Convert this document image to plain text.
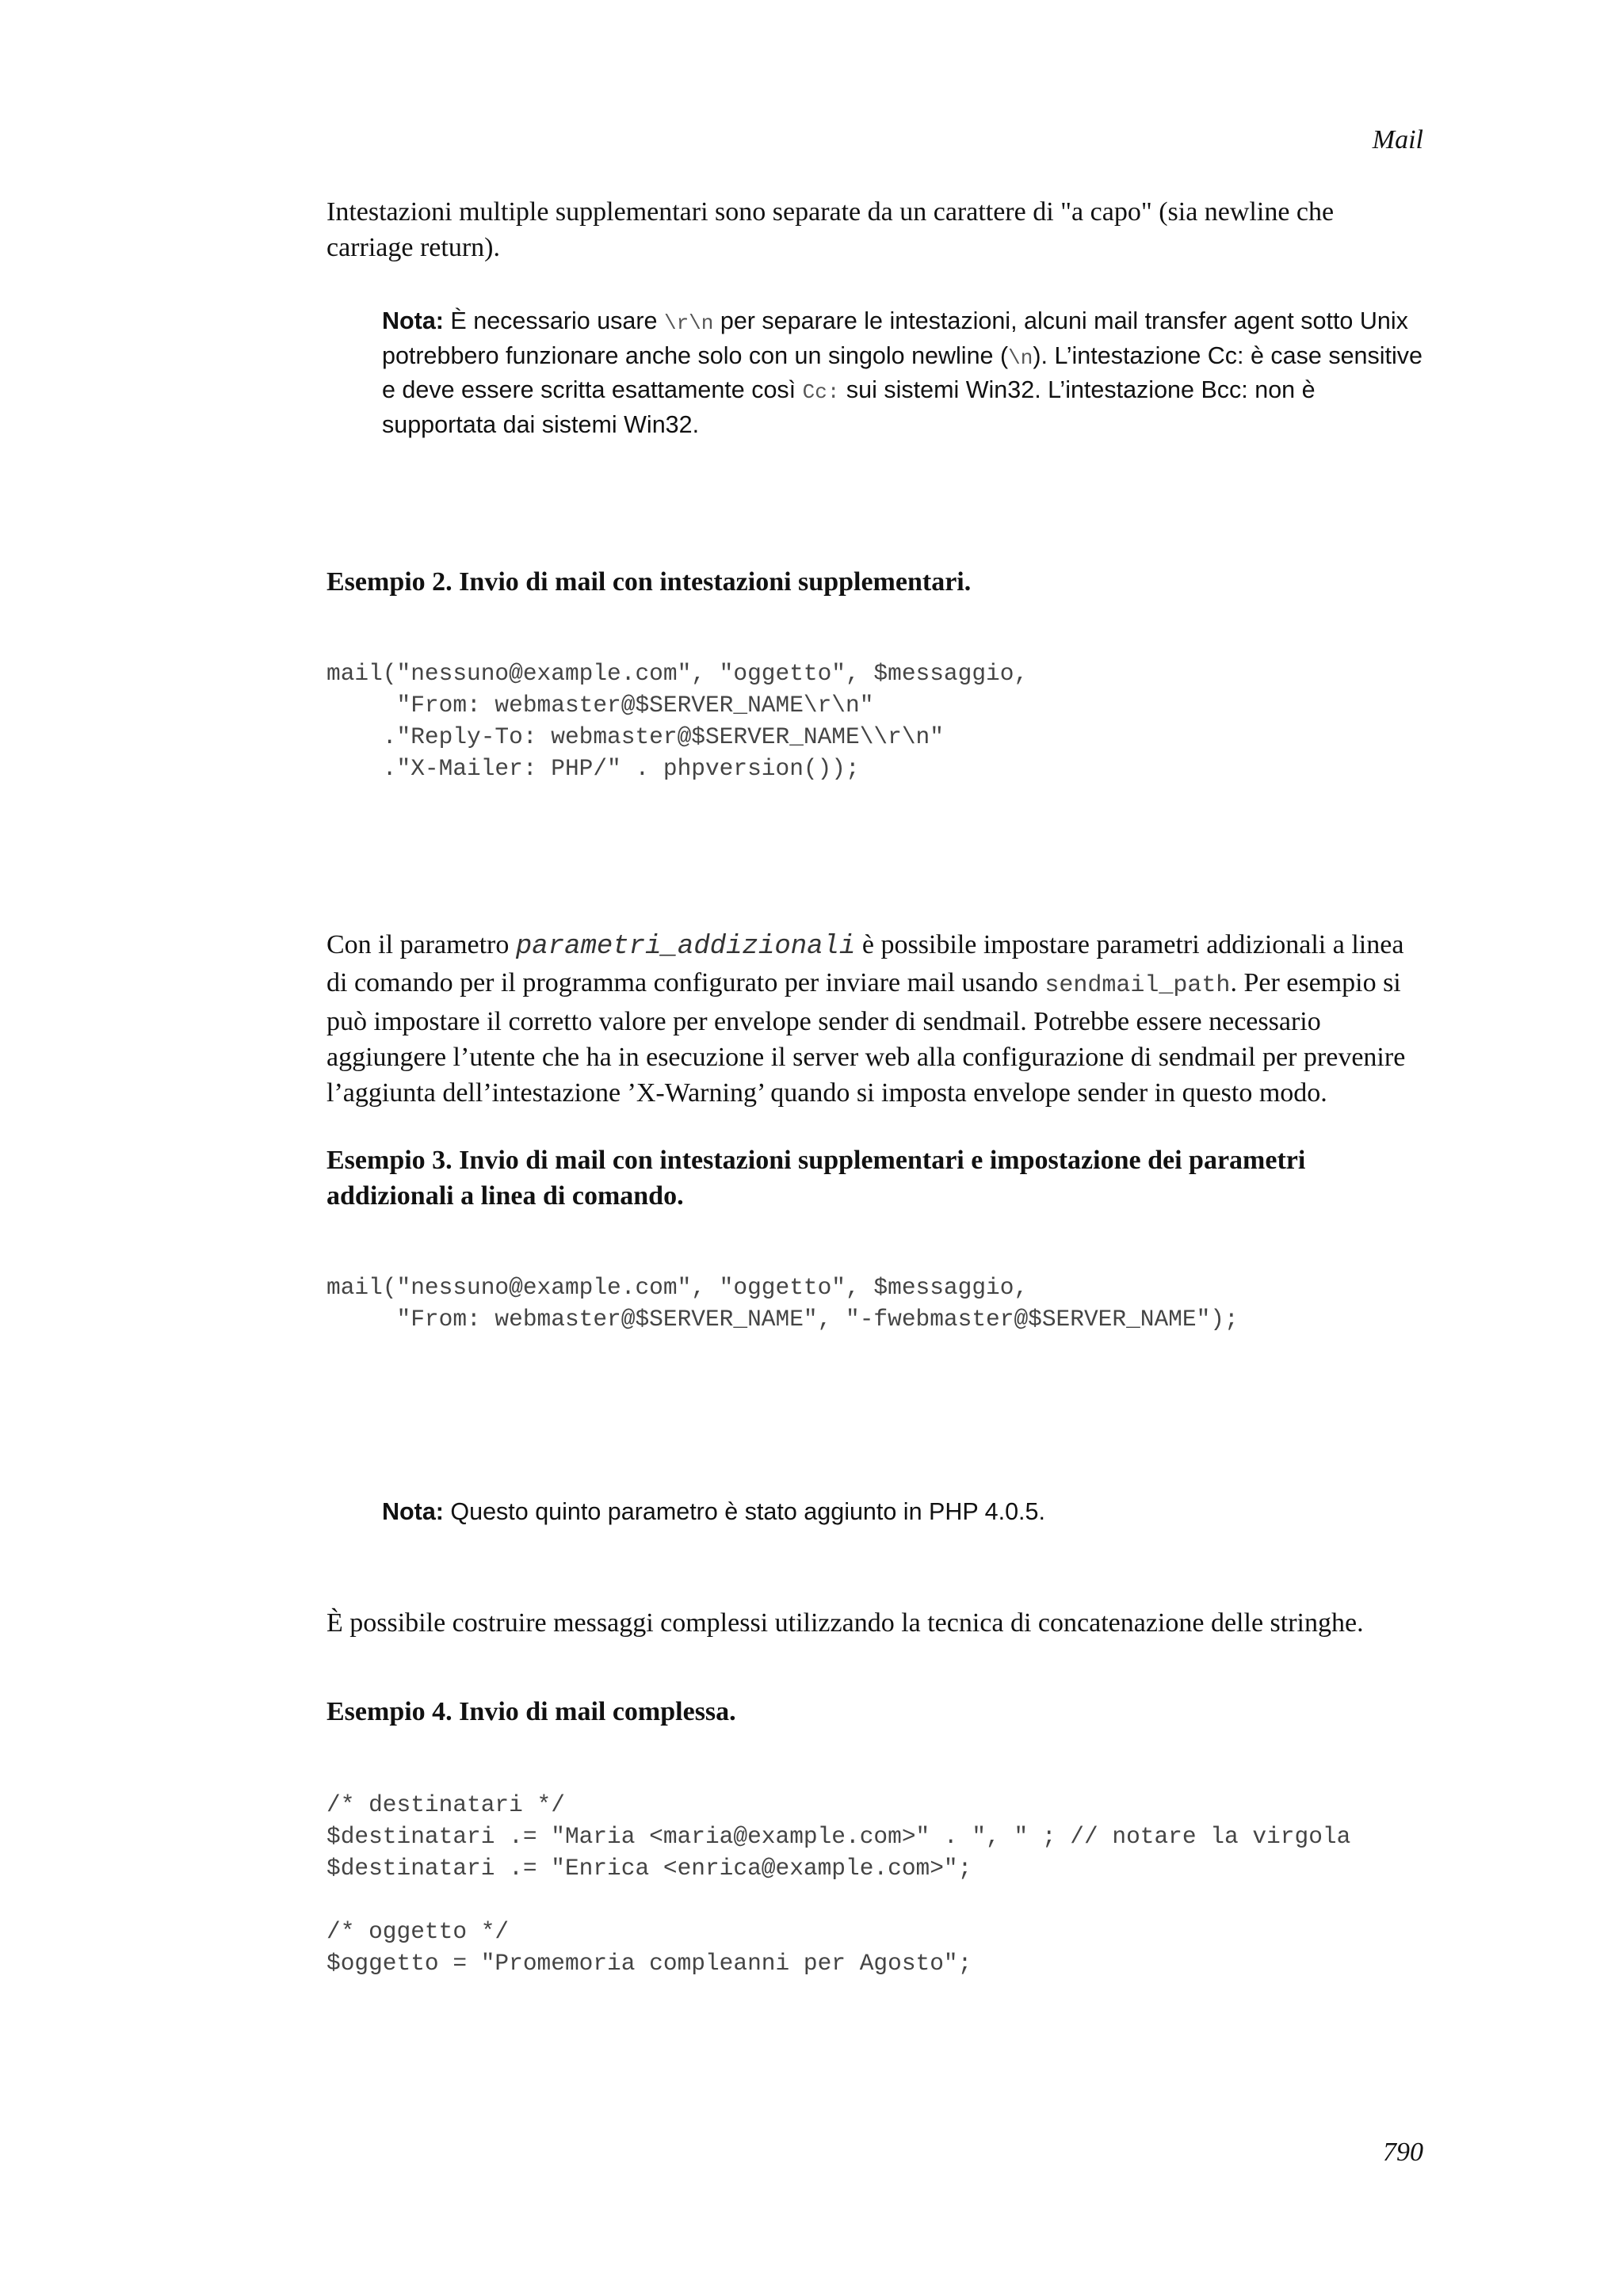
Mail

Intestazioni multiple supplementari sono separate da un carattere di "a capo" (sia newline che carriage return).

Nota: È necessario usare \r\n per separare le intestazioni, alcuni mail transfer agent sotto Unix potrebbero funzionare anche solo con un singolo newline (\n). L’intestazione Cc: è case sensitive e deve essere scritta esattamente così Cc: sui sistemi Win32. L’intestazione Bcc: non è supportata dai sistemi Win32.

Esempio 2. Invio di mail con intestazioni supplementari.

mail("nessuno@example.com", "oggetto", $messaggio,
"From: webmaster@$SERVER_NAME\r\n"
."Reply-To: webmaster@$SERVER_NAME\\r\n"
."X-Mailer: PHP/" . phpversion());

Con il parametro parametri_addizionali è possibile impostare parametri addizionali a linea di comando per il programma configurato per inviare mail usando sendmail_path. Per esempio si può impostare il corretto valore per envelope sender di sendmail. Potrebbe essere necessario aggiungere l’utente che ha in esecuzione il server web alla configurazione di sendmail per prevenire l’aggiunta dell’intestazione ’X-Warning’ quando si imposta envelope sender in questo modo.

Esempio 3. Invio di mail con intestazioni supplementari e impostazione dei parametri addizionali a linea di comando.

mail("nessuno@example.com", "oggetto", $messaggio,
"From: webmaster@$SERVER_NAME", "-fwebmaster@$SERVER_NAME");

Nota: Questo quinto parametro è stato aggiunto in PHP 4.0.5.

È possibile costruire messaggi complessi utilizzando la tecnica di concatenazione delle stringhe.

Esempio 4. Invio di mail complessa.

/* destinatari */
$destinatari .= "Maria <maria@example.com>" . ", " ; // notare la virgola
$destinatari .= "Enrica <enrica@example.com>";

/* oggetto */
$oggetto = "Promemoria compleanni per Agosto";
790
